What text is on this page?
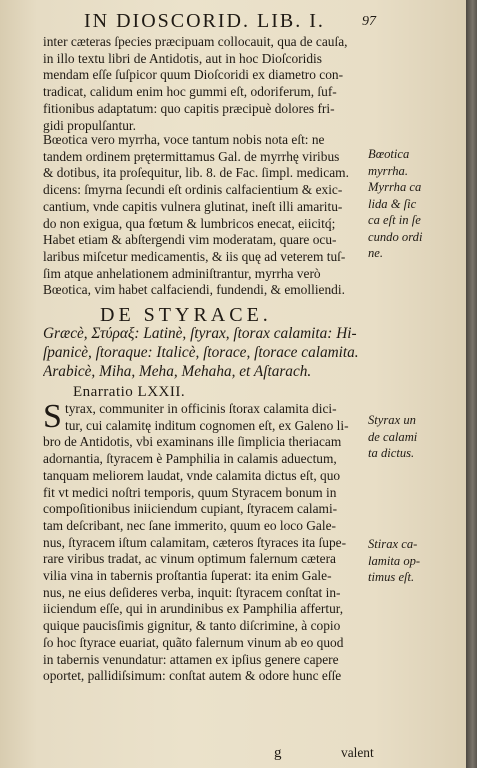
IN DIOSCORID. LIB. I.	97
inter cæteras ſpecies præcipuam collocauit, qua de cauſa,
in illo textu libri de Antidotis, aut in hoc Dioſcoridis
mendam eſſe ſuſpicor quum Dioſcoridi ex diametro con-
tradicat, calidum enim hoc gummi eſt, odoriferum, ſuf-
fitionibus adaptatum: quo capitis præcipuè dolores fri-
gidi propulſantur.
Bœotica vero myrrha, voce tantum nobis nota eſt: ne
tandem ordinem prętermittamus Gal. de myrrhę viribus
& dotibus, ita proſequitur, lib. 8. de Fac. ſimpl. medicam.
dicens: ſmyrna ſecundi eſt ordinis calfacientium & exic-
cantium, vnde capitis vulnera glutinat, ineſt illi amaritu-
do non exigua, qua fœtum & lumbricos enecat, eiicitq́;
Habet etiam & abſtergendi vim moderatam, quare ocu-
laribus miſcetur medicamentis, & iis quę ad veterem tuſ-
ſim atque anhelationem adminiſtrantur, myrrha verò
Bœotica, vim habet calfaciendi, fundendi, & emolliendi.
Bœotica
myrrha.
Myrrha ca
lida & ſic
ca eſt in ſe
cundo ordi
ne.
DE STYRACE.
Græcè, Στύραξ: Latinè, ſtyrax, ſtorax calamita: Hi-
ſpanicè, ſtoraque: Italicè, ſtorace, ſtorace calamita.
Arabicè, Miha, Meha, Mehaha, et Aſtarach.
Enarratio LXXII.
S tyrax, communiter in officinis ſtorax calamita dici-
tur, cui calamitę inditum cognomen eſt, ex Galeno li-
bro de Antidotis, vbi examinans ille ſimplicia theriacam
adornantia, ſtyracem è Pamphilia in calamis aduectum,
tanquam meliorem laudat, vnde calamita dictus eſt, quo
fit vt medici noſtri temporis, quum Styracem bonum in
compoſitionibus iniiciendum cupiant, ſtyracem calami-
tam deſcribant, nec ſane immerito, quum eo loco Gale-
nus, ſtyracem iſtum calamitam, cæteros ſtyraces ita ſupe-
rare viribus tradat, ac vinum optimum falernum cætera
vilia vina in tabernis proſtantia ſuperat: ita enim Gale-
nus, ne eius deſideres verba, inquit: ſtyracem conſtat in-
iiciendum eſſe, qui in arundinibus ex Pamphilia affertur,
quique paucisſimis gignitur, & tanto diſcrimine, à copio
ſo hoc ſtyrace euariat, quãto falernum vinum ab eo quod
in tabernis venundatur: attamen ex ipſius genere capere
oportet, pallidiſsimum: conſtat autem & odore hunc eſſe
Styrax un
de calami
ta dictus.
Stirax ca-
lamita op-
timus eſt.
g	valent
